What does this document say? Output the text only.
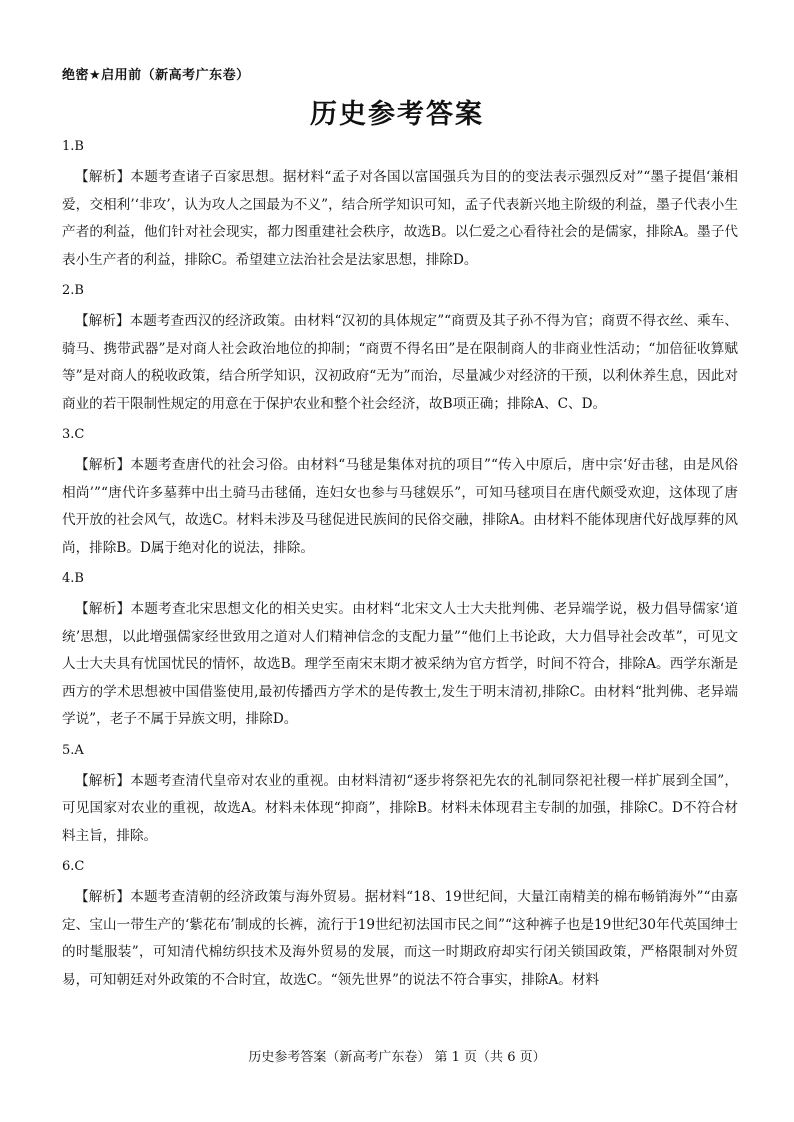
绝密★启用前（新高考广东卷）
历史参考答案
1.B
【解析】本题考查诸子百家思想。据材料“孟子对各国以富国强兵为目的的变法表示强烈反对”“墨子提倡‘兼相爱，交相利’‘非攻’，认为攻人之国最为不义”，结合所学知识可知，孟子代表新兴地主阶级的利益，墨子代表小生产者的利益，他们针对社会现实，都力图重建社会秩序，故选B。以仁爱之心看待社会的是儒家，排除A。墨子代表小生产者的利益，排除C。希望建立法治社会是法家思想，排除D。
2.B
【解析】本题考查西汉的经济政策。由材料“汉初的具体规定”“商贾及其子孙不得为官；商贾不得衣丝、乘车、骑马、携带武器”是对商人社会政治地位的抑制；“商贾不得名田”是在限制商人的非商业性活动；“加倍征收算赋等”是对商人的税收政策，结合所学知识，汉初政府“无为”而治，尽量减少对经济的干预，以利休养生息，因此对商业的若干限制性规定的用意在于保护农业和整个社会经济，故B项正确；排除A、C、D。
3.C
【解析】本题考查唐代的社会习俗。由材料“马毬是集体对抗的项目”“传入中原后，唐中宗‘好击毬，由是风俗相尚’”“唐代许多墓葬中出土骑马击毬俑，连妇女也参与马毬娱乐”，可知马毬项目在唐代颇受欢迎，这体现了唐代开放的社会风气，故选C。材料未涉及马毬促进民族间的民俗交融，排除A。由材料不能体现唐代好战厚葬的风尚，排除B。D属于绝对化的说法，排除。
4.B
【解析】本题考查北宋思想文化的相关史实。由材料“北宋文人士大夫批判佛、老异端学说，极力倡导儒家‘道统’思想，以此增强儒家经世致用之道对人们精神信念的支配力量”“他们上书论政，大力倡导社会改革”，可见文人士大夫具有忧国忧民的情怀，故选B。理学至南宋末期才被采纳为官方哲学，时间不符合，排除A。西学东渐是西方的学术思想被中国借鉴使用,最初传播西方学术的是传教士,发生于明末清初,排除C。由材料“批判佛、老异端学说”，老子不属于异族文明，排除D。
5.A
【解析】本题考查清代皇帝对农业的重视。由材料清初“逐步将祭祀先农的礼制同祭祀社稷一样扩展到全国”，可见国家对农业的重视，故选A。材料未体现“抑商”，排除B。材料未体现君主专制的加强，排除C。D不符合材料主旨，排除。
6.C
【解析】本题考查清朝的经济政策与海外贸易。据材料“18、19世纪间，大量江南精美的棉布畅销海外”“由嘉定、宝山一带生产的‘紫花布’制成的长裤，流行于19世纪初法国市民之间”“这种裤子也是19世纪30年代英国绅士的时髦服装”，可知清代棉纺织技术及海外贸易的发展，而这一时期政府却实行闭关锁国政策，严格限制对外贸易，可知朝廷对外政策的不合时宜，故选C。“领先世界”的说法不符合事实，排除A。材料
历史参考答案（新高考广东卷） 第 1 页（共 6 页）
